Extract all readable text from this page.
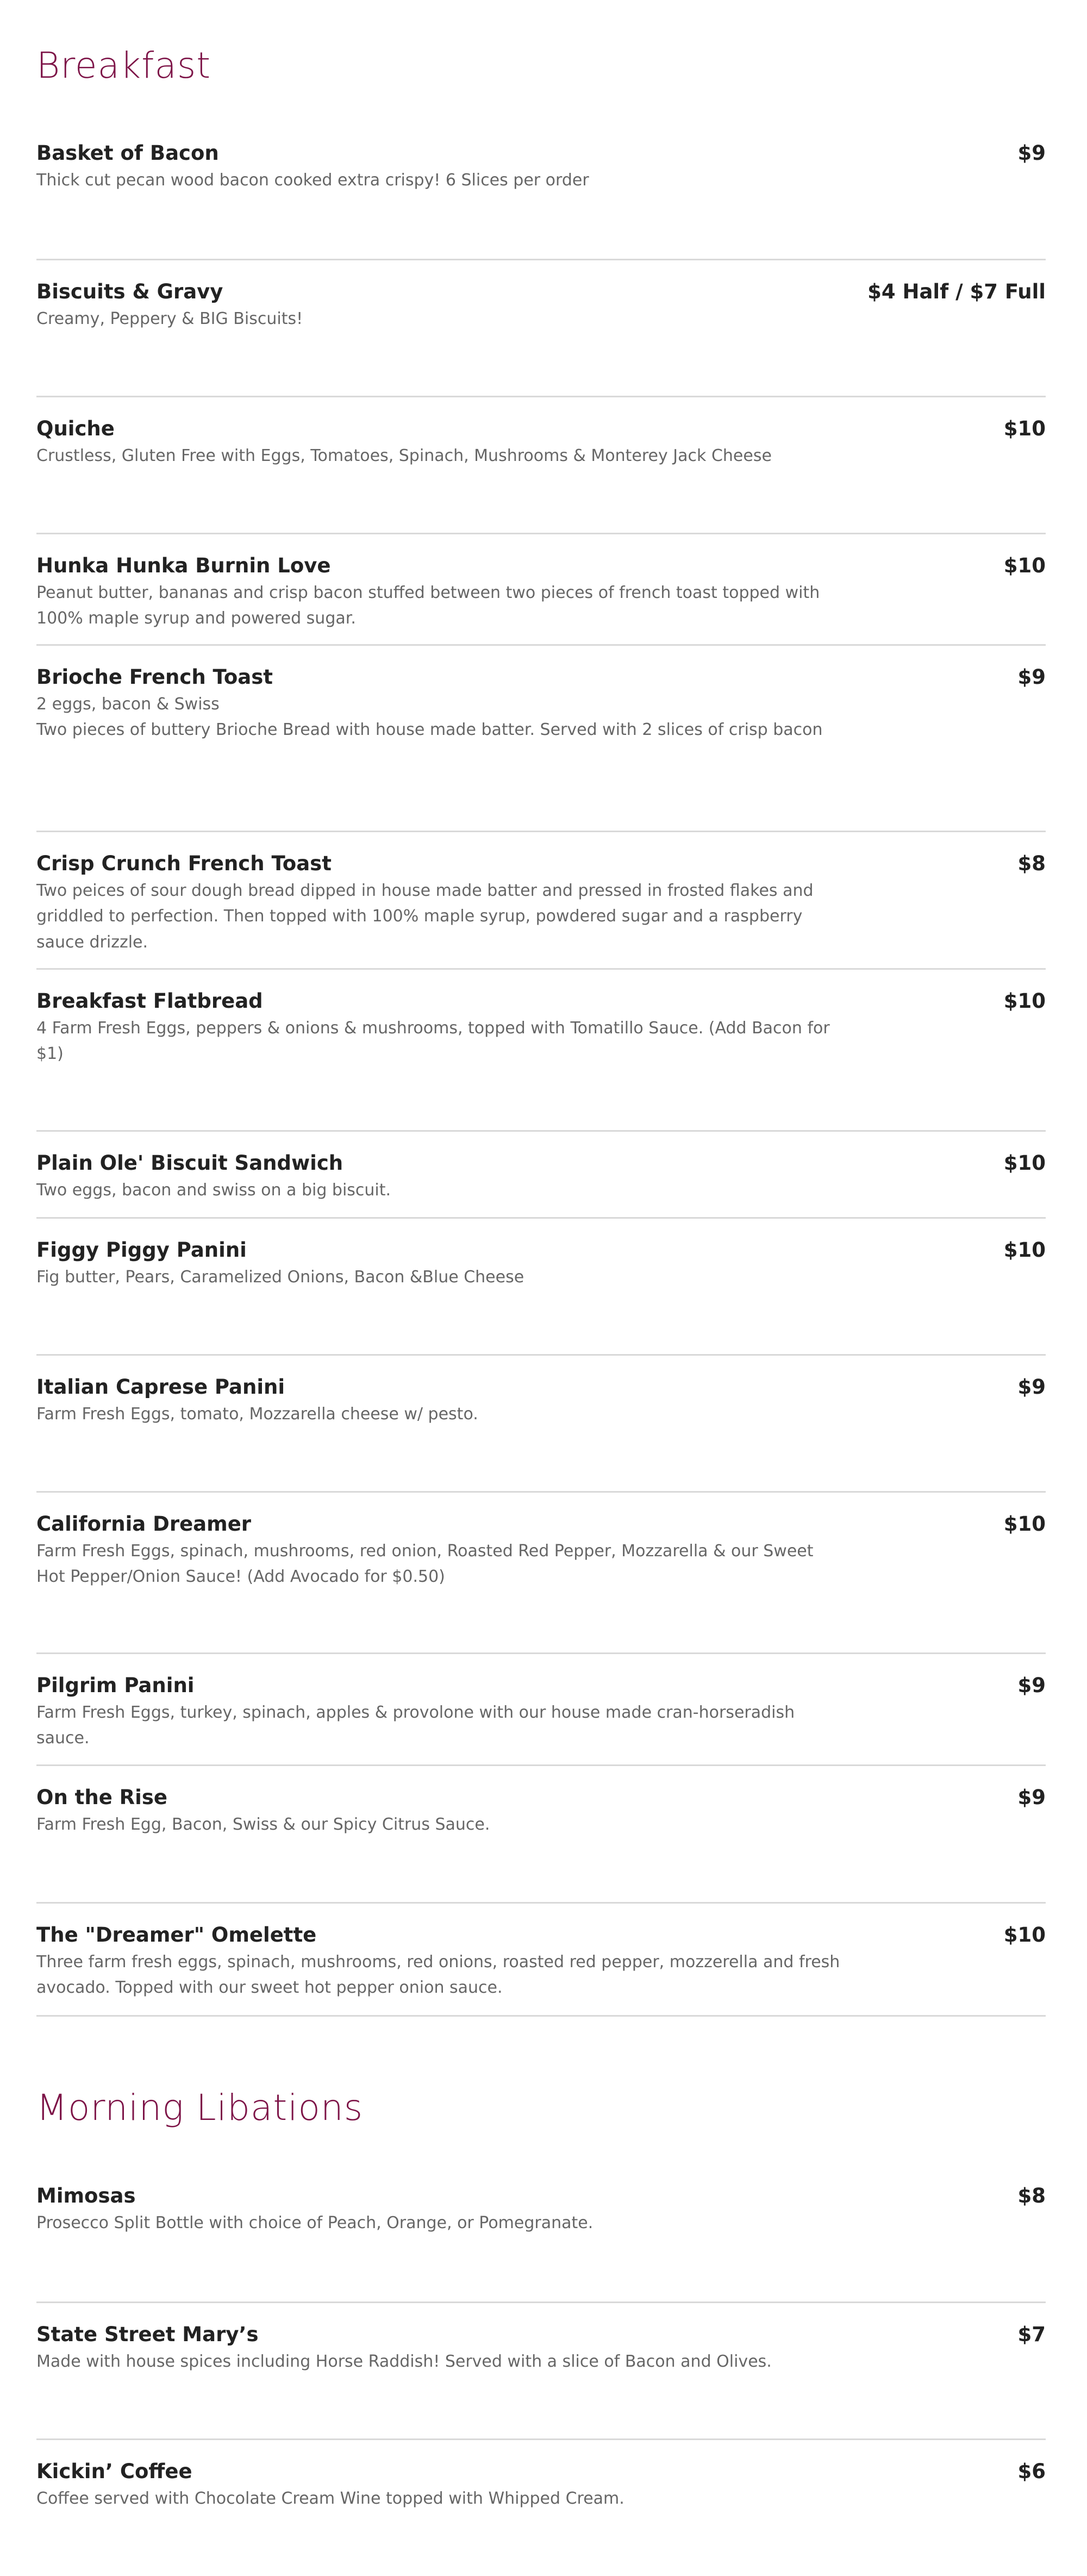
Breakfast
Basket of Bacon	$9
Thick cut pecan wood bacon cooked extra crispy! 6 Slices per order
Biscuits & Gravy	$4 Half / $7 Full
Creamy, Peppery & BIG Biscuits!
Quiche	$10
Crustless, Gluten Free with Eggs, Tomatoes, Spinach, Mushrooms & Monterey Jack Cheese
Hunka Hunka Burnin Love	$10
Peanut butter, bananas and crisp bacon stuffed between two pieces of french toast topped with 100% maple syrup and powered sugar.
Brioche French Toast	$9
2 eggs, bacon & Swiss
Two pieces of buttery Brioche Bread with house made batter. Served with 2 slices of crisp bacon
Crisp Crunch French Toast	$8
Two peices of sour dough bread dipped in house made batter and pressed in frosted flakes and griddled to perfection. Then topped with 100% maple syrup, powdered sugar and a raspberry sauce drizzle.
Breakfast Flatbread	$10
4 Farm Fresh Eggs, peppers & onions & mushrooms, topped with Tomatillo Sauce. (Add Bacon for $1)
Plain Ole' Biscuit Sandwich	$10
Two eggs, bacon and swiss on a big biscuit.
Figgy Piggy Panini	$10
Fig butter, Pears, Caramelized Onions, Bacon &Blue Cheese
Italian Caprese Panini	$9
Farm Fresh Eggs, tomato, Mozzarella cheese w/ pesto.
California Dreamer	$10
Farm Fresh Eggs, spinach, mushrooms, red onion, Roasted Red Pepper, Mozzarella & our Sweet Hot Pepper/Onion Sauce! (Add Avocado for $0.50)
Pilgrim Panini	$9
Farm Fresh Eggs, turkey, spinach, apples & provolone with our house made cran-horseradish sauce.
On the Rise	$9
Farm Fresh Egg, Bacon, Swiss & our Spicy Citrus Sauce.
The "Dreamer" Omelette	$10
Three farm fresh eggs, spinach, mushrooms, red onions, roasted red pepper, mozzerella and fresh avocado. Topped with our sweet hot pepper onion sauce.
Morning Libations
Mimosas	$8
Prosecco Split Bottle with choice of Peach, Orange, or Pomegranate.
State Street Mary’s	$7
Made with house spices including Horse Raddish! Served with a slice of Bacon and Olives.
Kickin’ Coffee	$6
Coffee served with Chocolate Cream Wine topped with Whipped Cream.
